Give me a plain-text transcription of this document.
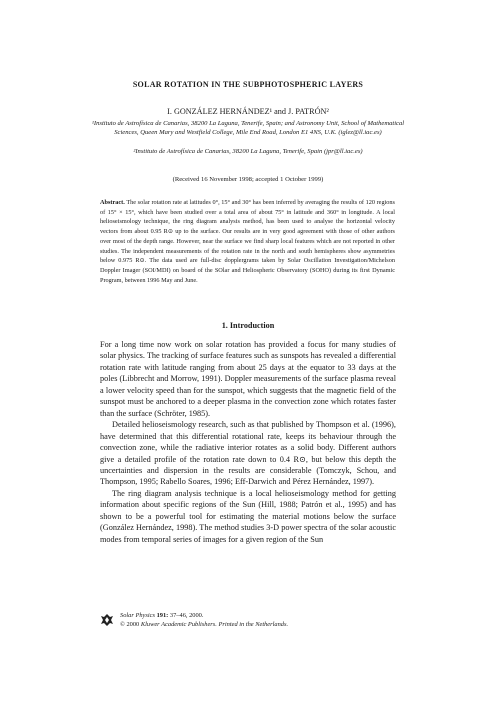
SOLAR ROTATION IN THE SUBPHOTOSPHERIC LAYERS
I. GONZÁLEZ HERNÁNDEZ¹ and J. PATRÓN²
¹Instituto de Astrofísica de Canarias, 38200 La Laguna, Tenerife, Spain; and Astronomy Unit, School of Mathematical Sciences, Queen Mary and Westfield College, Mile End Road, London E1 4NS, U.K. (iglez@ll.iac.es)
²Instituto de Astrofísica de Canarias, 38200 La Laguna, Tenerife, Spain (jpr@ll.iac.es)
(Received 16 November 1998; accepted 1 October 1999)
Abstract. The solar rotation rate at latitudes 0°, 15° and 30° has been inferred by averaging the results of 120 regions of 15° × 15°, which have been studied over a total area of about 75° in latitude and 360° in longitude. A local helioseismology technique, the ring diagram analysis method, has been used to analyse the horizontal velocity vectors from about 0.95 R⊙ up to the surface. Our results are in very good agreement with those of other authors over most of the depth range. However, near the surface we find sharp local features which are not reported in other studies. The independent measurements of the rotation rate in the north and south hemispheres show asymmetries below 0.975 R⊙. The data used are full-disc dopplergrams taken by Solar Oscillation Investigation/Michelson Doppler Imager (SOI/MDI) on board of the SOlar and Heliospheric Observatory (SOHO) during its first Dynamic Program, between 1996 May and June.
1. Introduction

For a long time now work on solar rotation has provided a focus for many studies of solar physics. The tracking of surface features such as sunspots has revealed a differential rotation rate with latitude ranging from about 25 days at the equator to 33 days at the poles (Libbrecht and Morrow, 1991). Doppler measurements of the surface plasma reveal a lower velocity speed than for the sunspot, which suggests that the magnetic field of the sunspot must be anchored to a deeper plasma in the convection zone which rotates faster than the surface (Schröter, 1985).

Detailed helioseismology research, such as that published by Thompson et al. (1996), have determined that this differential rotational rate, keeps its behaviour through the convection zone, while the radiative interior rotates as a solid body. Different authors give a detailed profile of the rotation rate down to 0.4 R⊙, but below this depth the uncertainties and dispersion in the results are considerable (Tomczyk, Schou, and Thompson, 1995; Rabello Soares, 1996; Eff-Darwich and Pérez Hernández, 1997).

The ring diagram analysis technique is a local helioseismology method for getting information about specific regions of the Sun (Hill, 1988; Patrón et al., 1995) and has shown to be a powerful tool for estimating the material motions below the surface (González Hernández, 1998). The method studies 3-D power spectra of the solar acoustic modes from temporal series of images for a given region of the Sun

Solar Physics 191: 37–46, 2000.
© 2000 Kluwer Academic Publishers. Printed in the Netherlands.
